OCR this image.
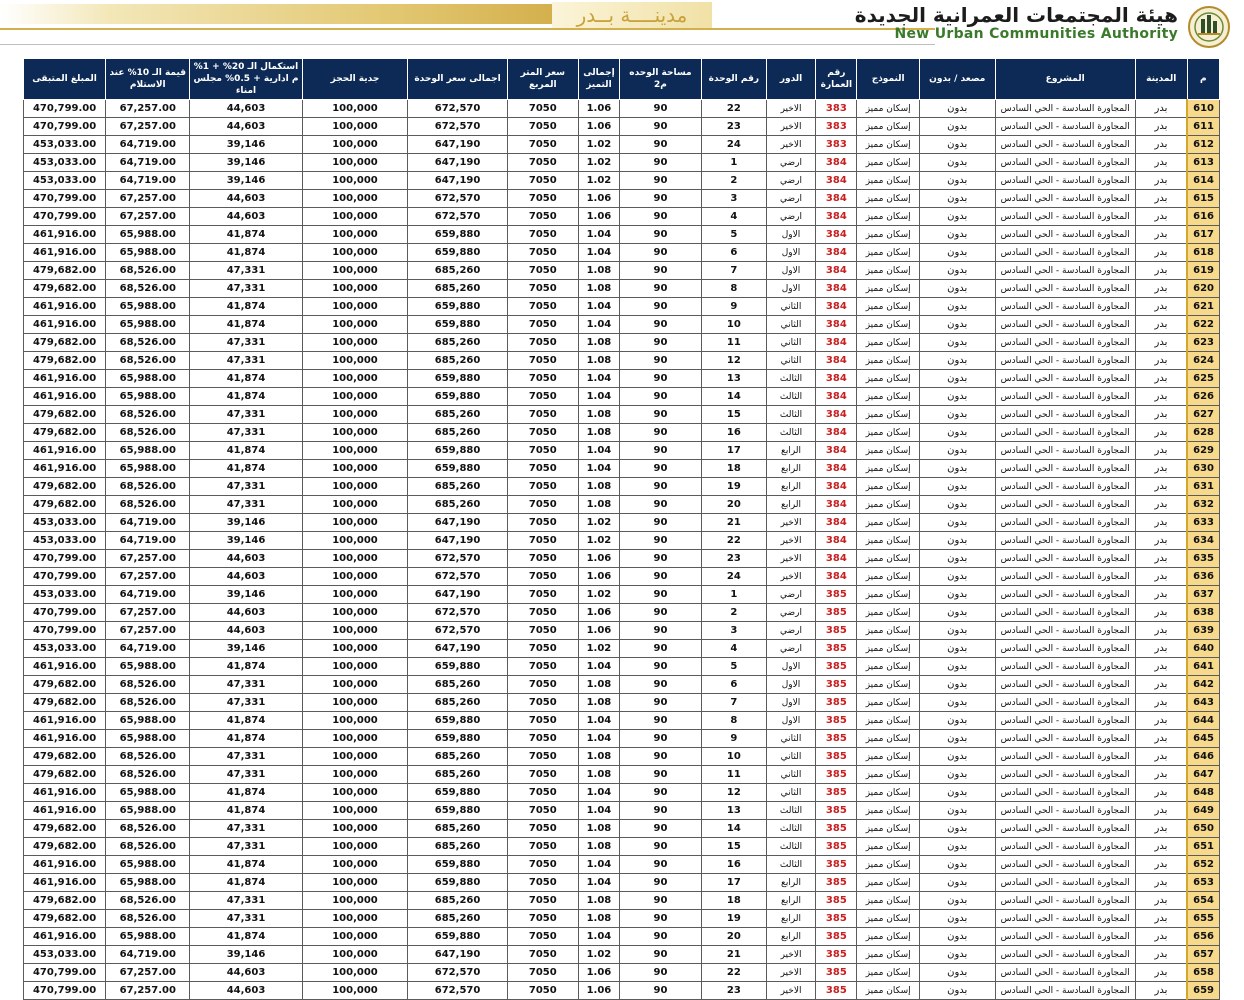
مدينــــة بــدر	هيئة المجتمعات العمرانية الجديدة
New Urban Communities Authority
م	المدينة	المشروع	مصعد / بدون	النموذج	رقم العمارة	الدور	رقم الوحدة	مساحة الوحده م2	إجمالى التميز	سعر المتر المربع	اجمالى سعر الوحدة	جدية الحجز	استكمال الـ 20% + 1% م ادارية + 0.5% مجلس امناء	قيمة الـ 10% عند الاستلام	المبلغ المتبقى
610	بدر	المجاورة السادسة - الحي السادس	بدون	إسكان مميز	383	الاخير	22	90	1.06	7050	672,570	100,000	44,603	67,257.00	470,799.00
611	بدر	المجاورة السادسة - الحي السادس	بدون	إسكان مميز	383	الاخير	23	90	1.06	7050	672,570	100,000	44,603	67,257.00	470,799.00
612	بدر	المجاورة السادسة - الحي السادس	بدون	إسكان مميز	383	الاخير	24	90	1.02	7050	647,190	100,000	39,146	64,719.00	453,033.00
613	بدر	المجاورة السادسة - الحي السادس	بدون	إسكان مميز	384	ارضي	1	90	1.02	7050	647,190	100,000	39,146	64,719.00	453,033.00
614	بدر	المجاورة السادسة - الحي السادس	بدون	إسكان مميز	384	ارضي	2	90	1.02	7050	647,190	100,000	39,146	64,719.00	453,033.00
615	بدر	المجاورة السادسة - الحي السادس	بدون	إسكان مميز	384	ارضي	3	90	1.06	7050	672,570	100,000	44,603	67,257.00	470,799.00
616	بدر	المجاورة السادسة - الحي السادس	بدون	إسكان مميز	384	ارضي	4	90	1.06	7050	672,570	100,000	44,603	67,257.00	470,799.00
617	بدر	المجاورة السادسة - الحي السادس	بدون	إسكان مميز	384	الاول	5	90	1.04	7050	659,880	100,000	41,874	65,988.00	461,916.00
618	بدر	المجاورة السادسة - الحي السادس	بدون	إسكان مميز	384	الاول	6	90	1.04	7050	659,880	100,000	41,874	65,988.00	461,916.00
619	بدر	المجاورة السادسة - الحي السادس	بدون	إسكان مميز	384	الاول	7	90	1.08	7050	685,260	100,000	47,331	68,526.00	479,682.00
620	بدر	المجاورة السادسة - الحي السادس	بدون	إسكان مميز	384	الاول	8	90	1.08	7050	685,260	100,000	47,331	68,526.00	479,682.00
621	بدر	المجاورة السادسة - الحي السادس	بدون	إسكان مميز	384	الثاني	9	90	1.04	7050	659,880	100,000	41,874	65,988.00	461,916.00
622	بدر	المجاورة السادسة - الحي السادس	بدون	إسكان مميز	384	الثاني	10	90	1.04	7050	659,880	100,000	41,874	65,988.00	461,916.00
623	بدر	المجاورة السادسة - الحي السادس	بدون	إسكان مميز	384	الثاني	11	90	1.08	7050	685,260	100,000	47,331	68,526.00	479,682.00
624	بدر	المجاورة السادسة - الحي السادس	بدون	إسكان مميز	384	الثاني	12	90	1.08	7050	685,260	100,000	47,331	68,526.00	479,682.00
625	بدر	المجاورة السادسة - الحي السادس	بدون	إسكان مميز	384	الثالث	13	90	1.04	7050	659,880	100,000	41,874	65,988.00	461,916.00
626	بدر	المجاورة السادسة - الحي السادس	بدون	إسكان مميز	384	الثالث	14	90	1.04	7050	659,880	100,000	41,874	65,988.00	461,916.00
627	بدر	المجاورة السادسة - الحي السادس	بدون	إسكان مميز	384	الثالث	15	90	1.08	7050	685,260	100,000	47,331	68,526.00	479,682.00
628	بدر	المجاورة السادسة - الحي السادس	بدون	إسكان مميز	384	الثالث	16	90	1.08	7050	685,260	100,000	47,331	68,526.00	479,682.00
629	بدر	المجاورة السادسة - الحي السادس	بدون	إسكان مميز	384	الرابع	17	90	1.04	7050	659,880	100,000	41,874	65,988.00	461,916.00
630	بدر	المجاورة السادسة - الحي السادس	بدون	إسكان مميز	384	الرابع	18	90	1.04	7050	659,880	100,000	41,874	65,988.00	461,916.00
631	بدر	المجاورة السادسة - الحي السادس	بدون	إسكان مميز	384	الرابع	19	90	1.08	7050	685,260	100,000	47,331	68,526.00	479,682.00
632	بدر	المجاورة السادسة - الحي السادس	بدون	إسكان مميز	384	الرابع	20	90	1.08	7050	685,260	100,000	47,331	68,526.00	479,682.00
633	بدر	المجاورة السادسة - الحي السادس	بدون	إسكان مميز	384	الاخير	21	90	1.02	7050	647,190	100,000	39,146	64,719.00	453,033.00
634	بدر	المجاورة السادسة - الحي السادس	بدون	إسكان مميز	384	الاخير	22	90	1.02	7050	647,190	100,000	39,146	64,719.00	453,033.00
635	بدر	المجاورة السادسة - الحي السادس	بدون	إسكان مميز	384	الاخير	23	90	1.06	7050	672,570	100,000	44,603	67,257.00	470,799.00
636	بدر	المجاورة السادسة - الحي السادس	بدون	إسكان مميز	384	الاخير	24	90	1.06	7050	672,570	100,000	44,603	67,257.00	470,799.00
637	بدر	المجاورة السادسة - الحي السادس	بدون	إسكان مميز	385	ارضي	1	90	1.02	7050	647,190	100,000	39,146	64,719.00	453,033.00
638	بدر	المجاورة السادسة - الحي السادس	بدون	إسكان مميز	385	ارضي	2	90	1.06	7050	672,570	100,000	44,603	67,257.00	470,799.00
639	بدر	المجاورة السادسة - الحي السادس	بدون	إسكان مميز	385	ارضي	3	90	1.06	7050	672,570	100,000	44,603	67,257.00	470,799.00
640	بدر	المجاورة السادسة - الحي السادس	بدون	إسكان مميز	385	ارضي	4	90	1.02	7050	647,190	100,000	39,146	64,719.00	453,033.00
641	بدر	المجاورة السادسة - الحي السادس	بدون	إسكان مميز	385	الاول	5	90	1.04	7050	659,880	100,000	41,874	65,988.00	461,916.00
642	بدر	المجاورة السادسة - الحي السادس	بدون	إسكان مميز	385	الاول	6	90	1.08	7050	685,260	100,000	47,331	68,526.00	479,682.00
643	بدر	المجاورة السادسة - الحي السادس	بدون	إسكان مميز	385	الاول	7	90	1.08	7050	685,260	100,000	47,331	68,526.00	479,682.00
644	بدر	المجاورة السادسة - الحي السادس	بدون	إسكان مميز	385	الاول	8	90	1.04	7050	659,880	100,000	41,874	65,988.00	461,916.00
645	بدر	المجاورة السادسة - الحي السادس	بدون	إسكان مميز	385	الثاني	9	90	1.04	7050	659,880	100,000	41,874	65,988.00	461,916.00
646	بدر	المجاورة السادسة - الحي السادس	بدون	إسكان مميز	385	الثاني	10	90	1.08	7050	685,260	100,000	47,331	68,526.00	479,682.00
647	بدر	المجاورة السادسة - الحي السادس	بدون	إسكان مميز	385	الثاني	11	90	1.08	7050	685,260	100,000	47,331	68,526.00	479,682.00
648	بدر	المجاورة السادسة - الحي السادس	بدون	إسكان مميز	385	الثاني	12	90	1.04	7050	659,880	100,000	41,874	65,988.00	461,916.00
649	بدر	المجاورة السادسة - الحي السادس	بدون	إسكان مميز	385	الثالث	13	90	1.04	7050	659,880	100,000	41,874	65,988.00	461,916.00
650	بدر	المجاورة السادسة - الحي السادس	بدون	إسكان مميز	385	الثالث	14	90	1.08	7050	685,260	100,000	47,331	68,526.00	479,682.00
651	بدر	المجاورة السادسة - الحي السادس	بدون	إسكان مميز	385	الثالث	15	90	1.08	7050	685,260	100,000	47,331	68,526.00	479,682.00
652	بدر	المجاورة السادسة - الحي السادس	بدون	إسكان مميز	385	الثالث	16	90	1.04	7050	659,880	100,000	41,874	65,988.00	461,916.00
653	بدر	المجاورة السادسة - الحي السادس	بدون	إسكان مميز	385	الرابع	17	90	1.04	7050	659,880	100,000	41,874	65,988.00	461,916.00
654	بدر	المجاورة السادسة - الحي السادس	بدون	إسكان مميز	385	الرابع	18	90	1.08	7050	685,260	100,000	47,331	68,526.00	479,682.00
655	بدر	المجاورة السادسة - الحي السادس	بدون	إسكان مميز	385	الرابع	19	90	1.08	7050	685,260	100,000	47,331	68,526.00	479,682.00
656	بدر	المجاورة السادسة - الحي السادس	بدون	إسكان مميز	385	الرابع	20	90	1.04	7050	659,880	100,000	41,874	65,988.00	461,916.00
657	بدر	المجاورة السادسة - الحي السادس	بدون	إسكان مميز	385	الاخير	21	90	1.02	7050	647,190	100,000	39,146	64,719.00	453,033.00
658	بدر	المجاورة السادسة - الحي السادس	بدون	إسكان مميز	385	الاخير	22	90	1.06	7050	672,570	100,000	44,603	67,257.00	470,799.00
659	بدر	المجاورة السادسة - الحي السادس	بدون	إسكان مميز	385	الاخير	23	90	1.06	7050	672,570	100,000	44,603	67,257.00	470,799.00
